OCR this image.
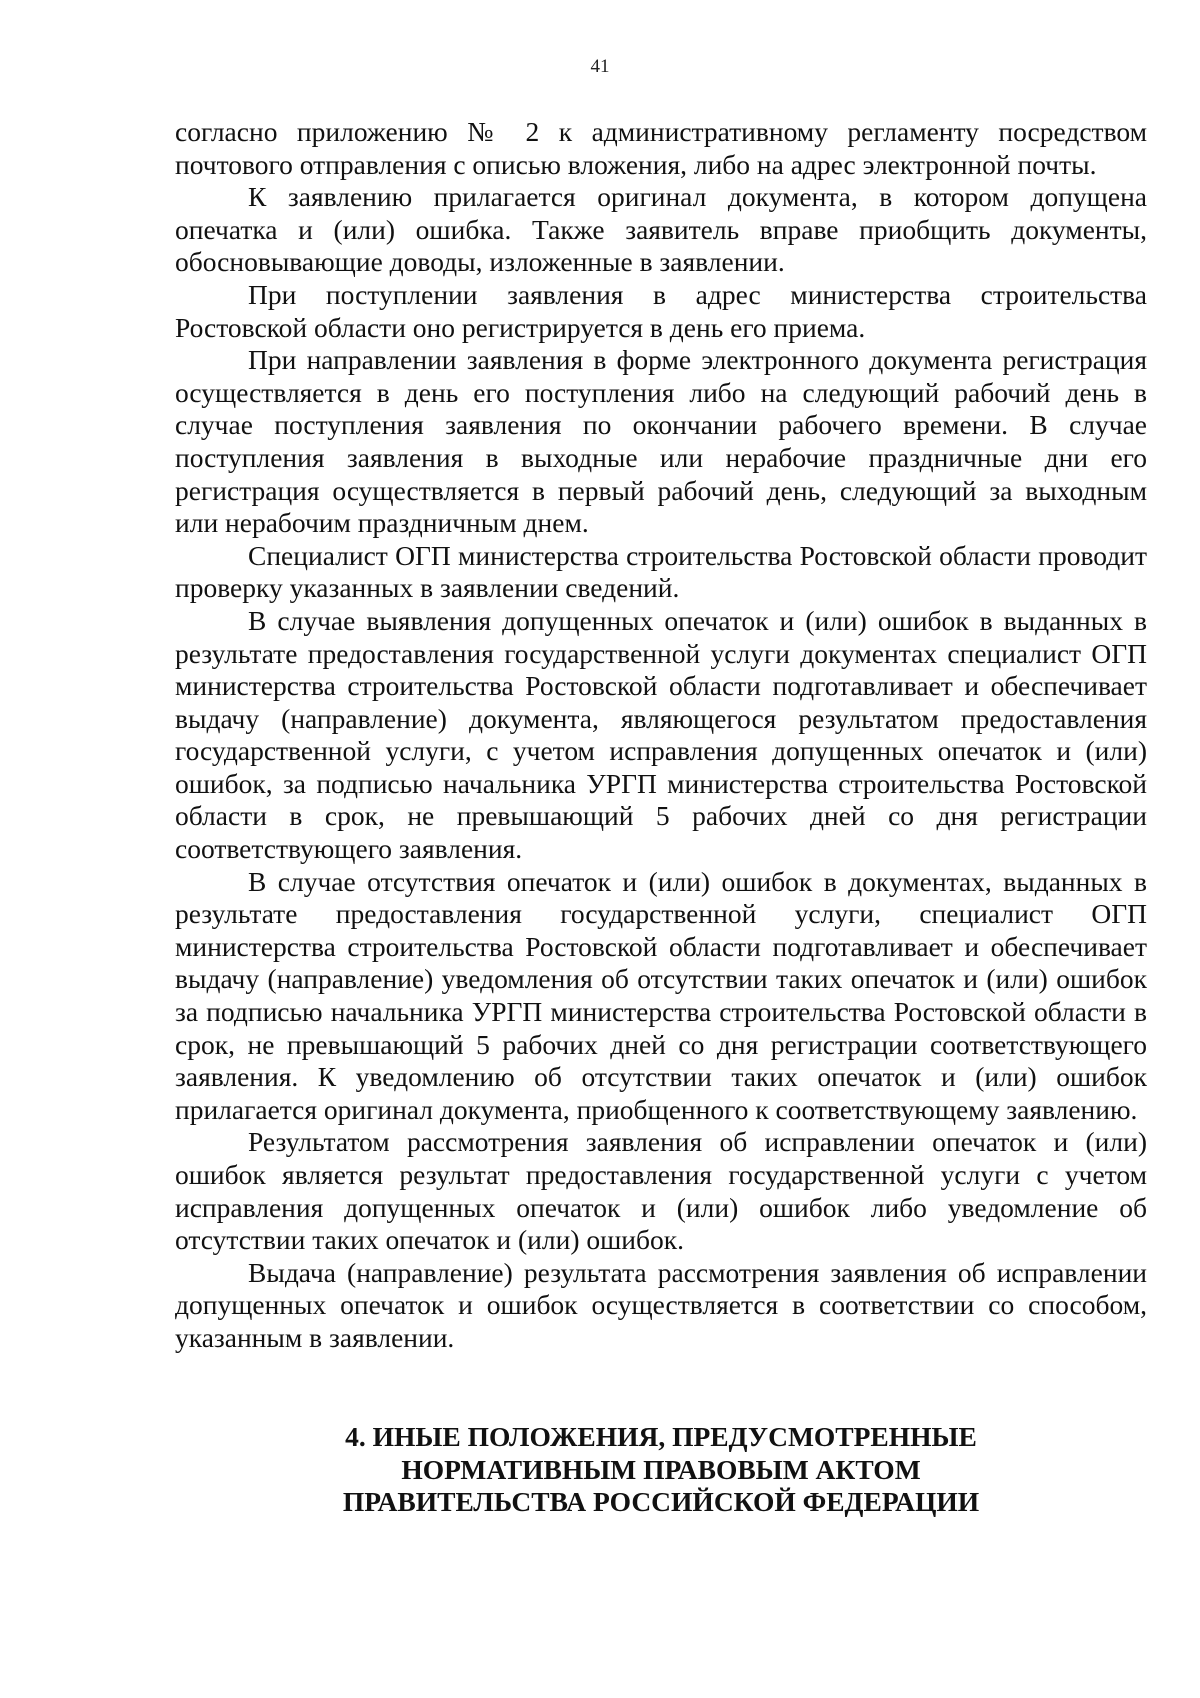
41

согласно приложению № 2 к административному регламенту посредством почтового отправления с описью вложения, либо на адрес электронной почты.

К заявлению прилагается оригинал документа, в котором допущена опечатка и (или) ошибка. Также заявитель вправе приобщить документы, обосновывающие доводы, изложенные в заявлении.

При поступлении заявления в адрес министерства строительства Ростовской области оно регистрируется в день его приема.

При направлении заявления в форме электронного документа регистрация осуществляется в день его поступления либо на следующий рабочий день в случае поступления заявления по окончании рабочего времени. В случае поступления заявления в выходные или нерабочие праздничные дни его регистрация осуществляется в первый рабочий день, следующий за выходным или нерабочим праздничным днем.

Специалист ОГП министерства строительства Ростовской области проводит проверку указанных в заявлении сведений.

В случае выявления допущенных опечаток и (или) ошибок в выданных в результате предоставления государственной услуги документах специалист ОГП министерства строительства Ростовской области подготавливает и обеспечивает выдачу (направление) документа, являющегося результатом предоставления государственной услуги, с учетом исправления допущенных опечаток и (или) ошибок, за подписью начальника УРГП министерства строительства Ростовской области в срок, не превышающий 5 рабочих дней со дня регистрации соответствующего заявления.

В случае отсутствия опечаток и (или) ошибок в документах, выданных в результате предоставления государственной услуги, специалист ОГП министерства строительства Ростовской области подготавливает и обеспечивает выдачу (направление) уведомления об отсутствии таких опечаток и (или) ошибок за подписью начальника УРГП министерства строительства Ростовской области в срок, не превышающий 5 рабочих дней со дня регистрации соответствующего заявления. К уведомлению об отсутствии таких опечаток и (или) ошибок прилагается оригинал документа, приобщенного к соответствующему заявлению.

Результатом рассмотрения заявления об исправлении опечаток и (или) ошибок является результат предоставления государственной услуги с учетом исправления допущенных опечаток и (или) ошибок либо уведомление об отсутствии таких опечаток и (или) ошибок.

Выдача (направление) результата рассмотрения заявления об исправлении допущенных опечаток и ошибок осуществляется в соответствии со способом, указанным в заявлении.

4. ИНЫЕ ПОЛОЖЕНИЯ, ПРЕДУСМОТРЕННЫЕ
НОРМАТИВНЫМ ПРАВОВЫМ АКТОМ
ПРАВИТЕЛЬСТВА РОССИЙСКОЙ ФЕДЕРАЦИИ
